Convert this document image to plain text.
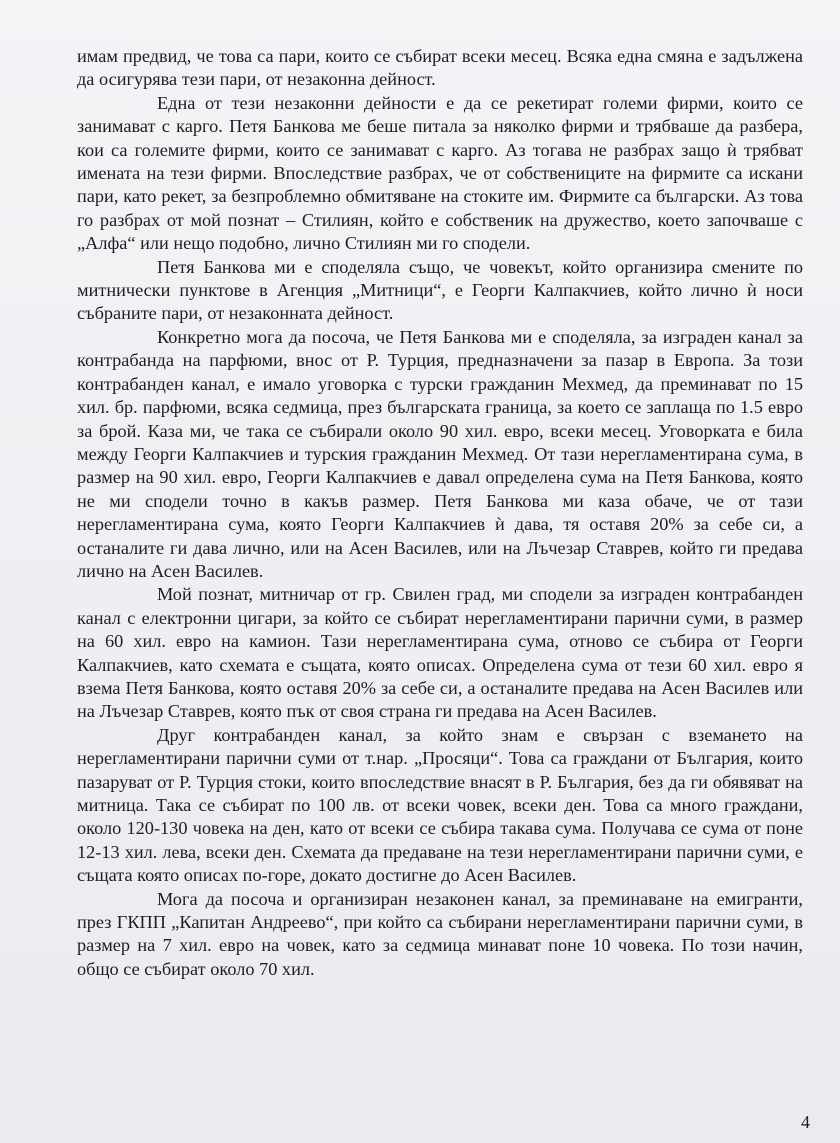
имам предвид, че това са пари, които се събират всеки месец. Всяка една смяна е задължена да осигурява тези пари, от незаконна дейност.

Една от тези незаконни дейности е да се рекетират големи фирми, които се занимават с карго. Петя Банкова ме беше питала за няколко фирми и трябваше да разбера, кои са големите фирми, които се занимават с карго. Аз тогава не разбрах защо ѝ трябват имената на тези фирми. Впоследствие разбрах, че от собствениците на фирмите са искани пари, като рекет, за безпроблемно обмитяване на стоките им. Фирмите са български. Аз това го разбрах от мой познат – Стилиян, който е собственик на дружество, което започваше с „Алфа“ или нещо подобно, лично Стилиян ми го сподели.

Петя Банкова ми е споделяла също, че човекът, който организира смените по митнически пунктове в Агенция „Митници“, е Георги Калпакчиев, който лично ѝ носи събраните пари, от незаконната дейност.

Конкретно мога да посоча, че Петя Банкова ми е споделяла, за изграден канал за контрабанда на парфюми, внос от Р. Турция, предназначени за пазар в Европа. За този контрабанден канал, е имало уговорка с турски гражданин Мехмед, да преминават по 15 хил. бр. парфюми, всяка седмица, през българската граница, за което се заплаща по 1.5 евро за брой. Каза ми, че така се събирали около 90 хил. евро, всеки месец. Уговорката е била между Георги Калпакчиев и турския гражданин Мехмед. От тази нерегламентирана сума, в размер на 90 хил. евро, Георги Калпакчиев е давал определена сума на Петя Банкова, която не ми сподели точно в какъв размер. Петя Банкова ми каза обаче, че от тази нерегламентирана сума, която Георги Калпакчиев ѝ дава, тя оставя 20% за себе си, а останалите ги дава лично, или на Асен Василев, или на Лъчезар Ставрев, който ги предава лично на Асен Василев.

Мой познат, митничар от гр. Свилен град, ми сподели за изграден контрабанден канал с електронни цигари, за който се събират нерегламентирани парични суми, в размер на 60 хил. евро на камион. Тази нерегламентирана сума, отново се събира от Георги Калпакчиев, като схемата е същата, която описах. Определена сума от тези 60 хил. евро я взема Петя Банкова, която оставя 20% за себе си, а останалите предава на Асен Василев или на Лъчезар Ставрев, която пък от своя страна ги предава на Асен Василев.

Друг контрабанден канал, за който знам е свързан с вземането на нерегламентирани парични суми от т.нар. „Просяци“. Това са граждани от България, които пазаруват от Р. Турция стоки, които впоследствие внасят в Р. България, без да ги обявяват на митница. Така се събират по 100 лв. от всеки човек, всеки ден. Това са много граждани, около 120-130 човека на ден, като от всеки се събира такава сума. Получава се сума от поне 12-13 хил. лева, всеки ден. Схемата да предаване на тези нерегламентирани парични суми, е същата която описах по-горе, докато достигне до Асен Василев.

Мога да посоча и организиран незаконен канал, за преминаване на емигранти, през ГКПП „Капитан Андреево“, при който са събирани нерегламентирани парични суми, в размер на 7 хил. евро на човек, като за седмица минават поне 10 човека. По този начин, общо се събират около 70 хил.

4
